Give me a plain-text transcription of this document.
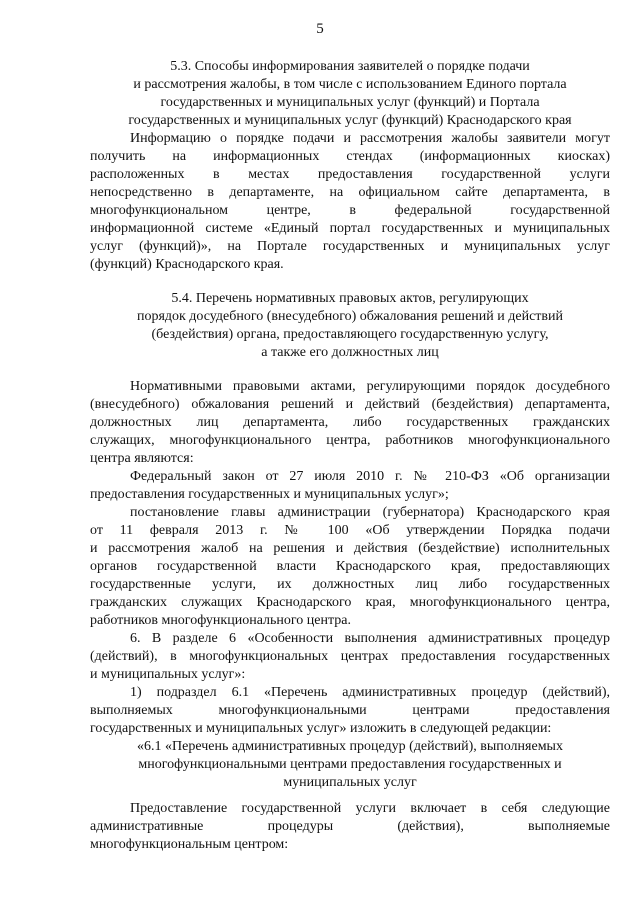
5
5.3. Способы информирования заявителей о порядке подачи
и рассмотрения жалобы, в том числе с использованием Единого портала
государственных и муниципальных услуг (функций) и Портала
государственных и муниципальных услуг (функций) Краснодарского края
Информацию о порядке подачи и рассмотрения жалобы заявители могут
получить на информационных стендах (информационных киосках)
расположенных в местах предоставления государственной услуги
непосредственно в департаменте, на официальном сайте департамента, в
многофункциональном центре, в федеральной государственной
информационной системе «Единый портал государственных и муниципальных
услуг (функций)», на Портале государственных и муниципальных услуг
(функций) Краснодарского края.
5.4. Перечень нормативных правовых актов, регулирующих
порядок досудебного (внесудебного) обжалования решений и действий
(бездействия) органа, предоставляющего государственную услугу,
а также его должностных лиц
Нормативными правовыми актами, регулирующими порядок досудебного
(внесудебного) обжалования решений и действий (бездействия) департамента,
должностных лиц департамента, либо государственных гражданских
служащих, многофункционального центра, работников многофункционального
центра являются:
Федеральный закон от 27 июля 2010 г. № 210-ФЗ «Об организации
предоставления государственных и муниципальных услуг»;
постановление главы администрации (губернатора) Краснодарского края
от 11 февраля 2013 г. № 100 «Об утверждении Порядка подачи
и рассмотрения жалоб на решения и действия (бездействие) исполнительных
органов государственной власти Краснодарского края, предоставляющих
государственные услуги, их должностных лиц либо государственных
гражданских служащих Краснодарского края, многофункционального центра,
работников многофункционального центра.
6. В разделе 6 «Особенности выполнения административных процедур
(действий), в многофункциональных центрах предоставления государственных
и муниципальных услуг»:
1) подраздел 6.1 «Перечень административных процедур (действий),
выполняемых многофункциональными центрами предоставления
государственных и муниципальных услуг» изложить в следующей редакции:
«6.1 «Перечень административных процедур (действий), выполняемых
многофункциональными центрами предоставления государственных и
муниципальных услуг
Предоставление государственной услуги включает в себя следующие
административные процедуры (действия), выполняемые
многофункциональным центром:
